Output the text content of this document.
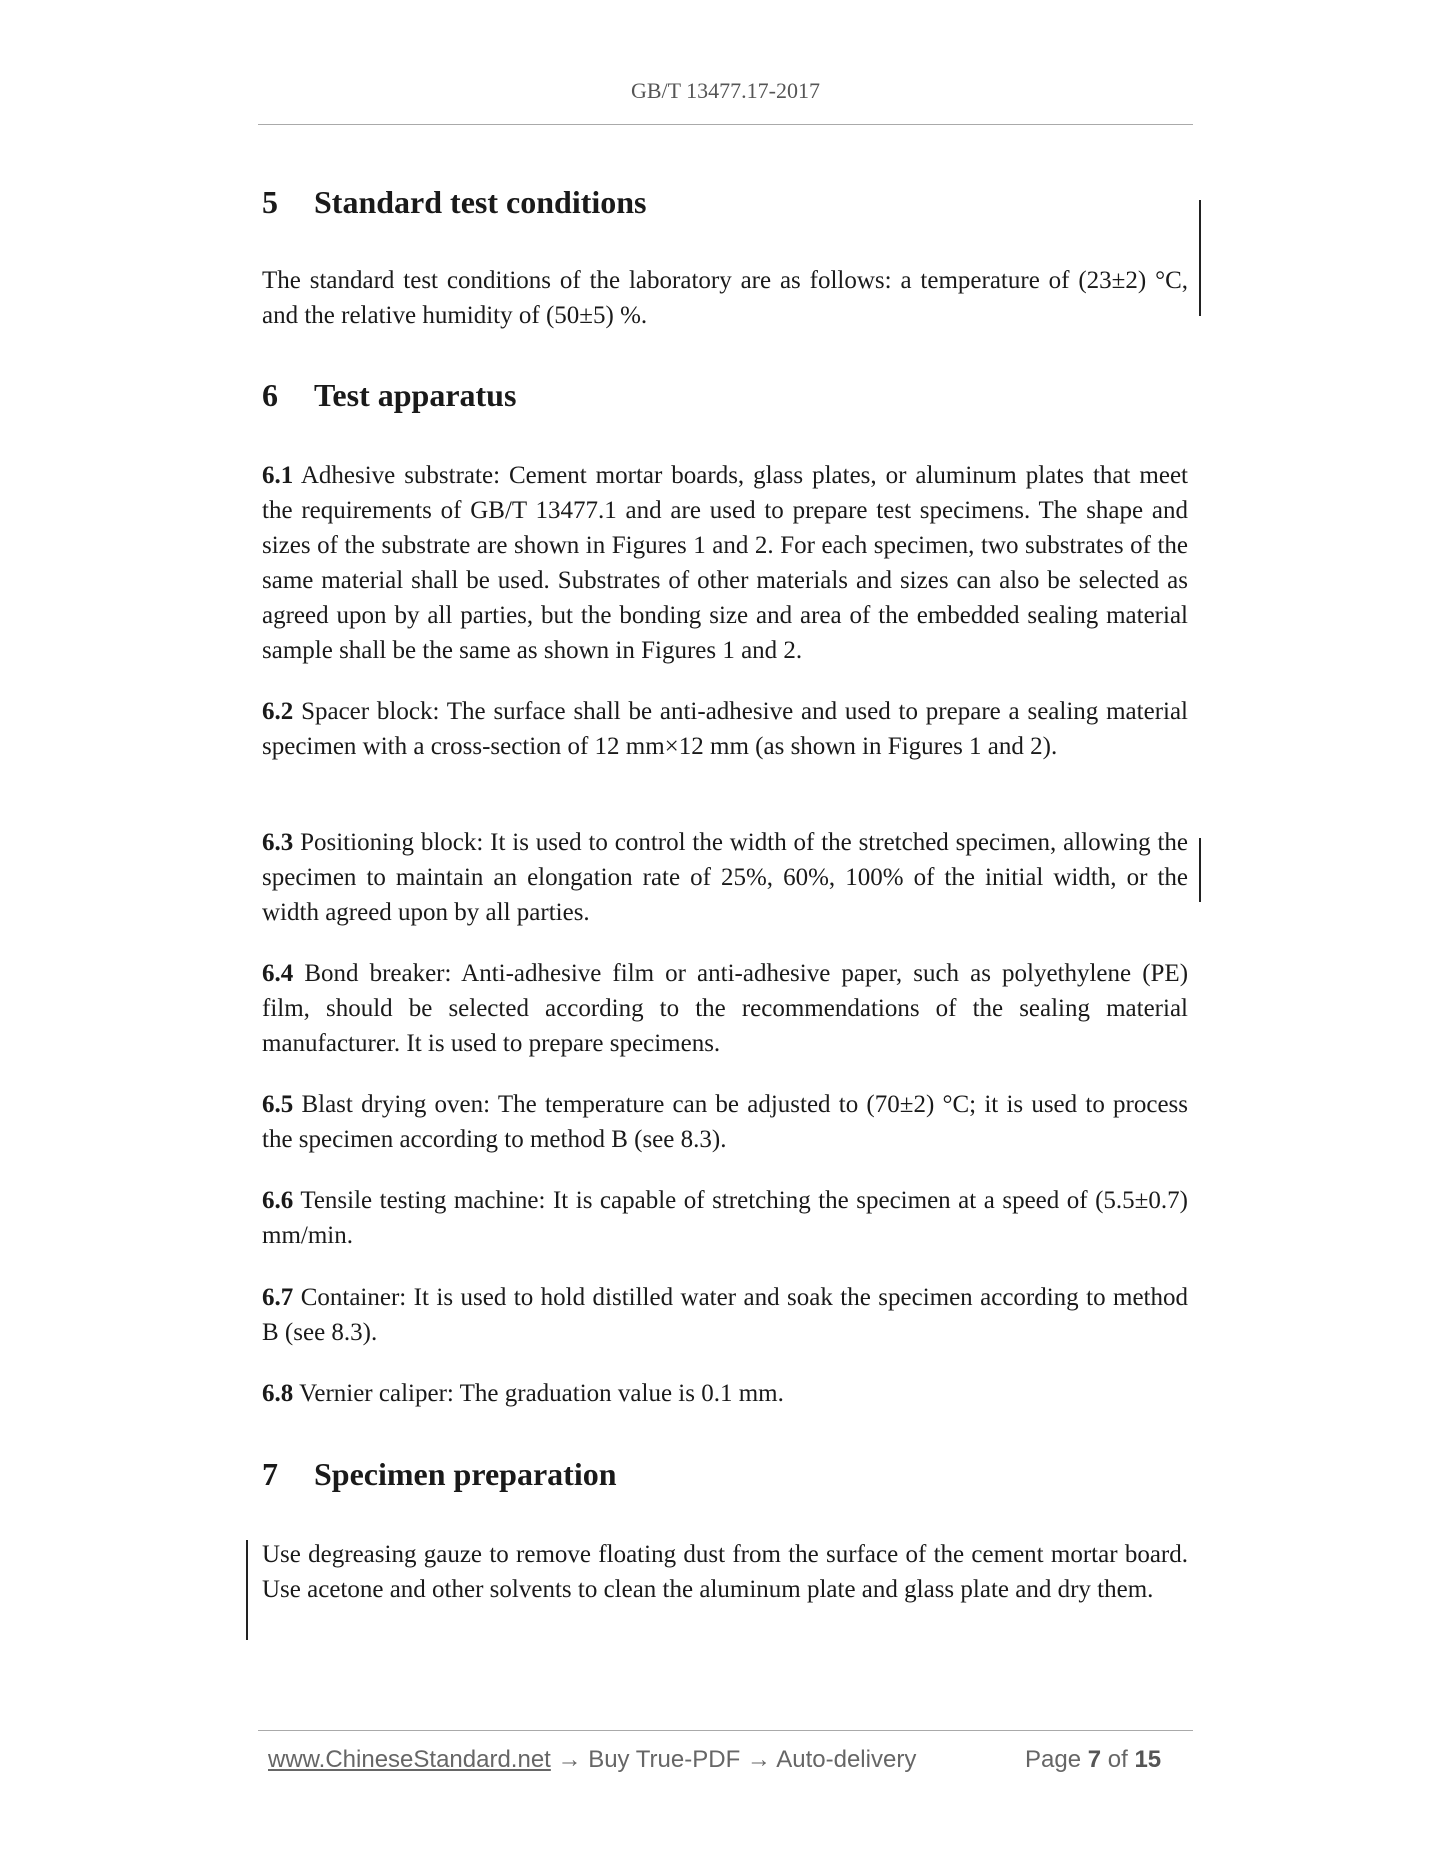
GB/T 13477.17-2017
5 Standard test conditions

The standard test conditions of the laboratory are as follows: a temperature of (23±2) °C, and the relative humidity of (50±5) %.

6 Test apparatus

6.1 Adhesive substrate: Cement mortar boards, glass plates, or aluminum plates that meet the requirements of GB/T 13477.1 and are used to prepare test specimens. The shape and sizes of the substrate are shown in Figures 1 and 2. For each specimen, two substrates of the same material shall be used. Substrates of other materials and sizes can also be selected as agreed upon by all parties, but the bonding size and area of the embedded sealing material sample shall be the same as shown in Figures 1 and 2.

6.2 Spacer block: The surface shall be anti-adhesive and used to prepare a sealing material specimen with a cross-section of 12 mm×12 mm (as shown in Figures 1 and 2).

6.3 Positioning block: It is used to control the width of the stretched specimen, allowing the specimen to maintain an elongation rate of 25%, 60%, 100% of the initial width, or the width agreed upon by all parties.

6.4 Bond breaker: Anti-adhesive film or anti-adhesive paper, such as polyethylene (PE) film, should be selected according to the recommendations of the sealing material manufacturer. It is used to prepare specimens.

6.5 Blast drying oven: The temperature can be adjusted to (70±2) °C; it is used to process the specimen according to method B (see 8.3).

6.6 Tensile testing machine: It is capable of stretching the specimen at a speed of (5.5±0.7) mm/min.

6.7 Container: It is used to hold distilled water and soak the specimen according to method B (see 8.3).

6.8 Vernier caliper: The graduation value is 0.1 mm.

7 Specimen preparation

Use degreasing gauze to remove floating dust from the surface of the cement mortar board. Use acetone and other solvents to clean the aluminum plate and glass plate and dry them.

www.ChineseStandard.net → Buy True-PDF → Auto-delivery	Page 7 of 15
